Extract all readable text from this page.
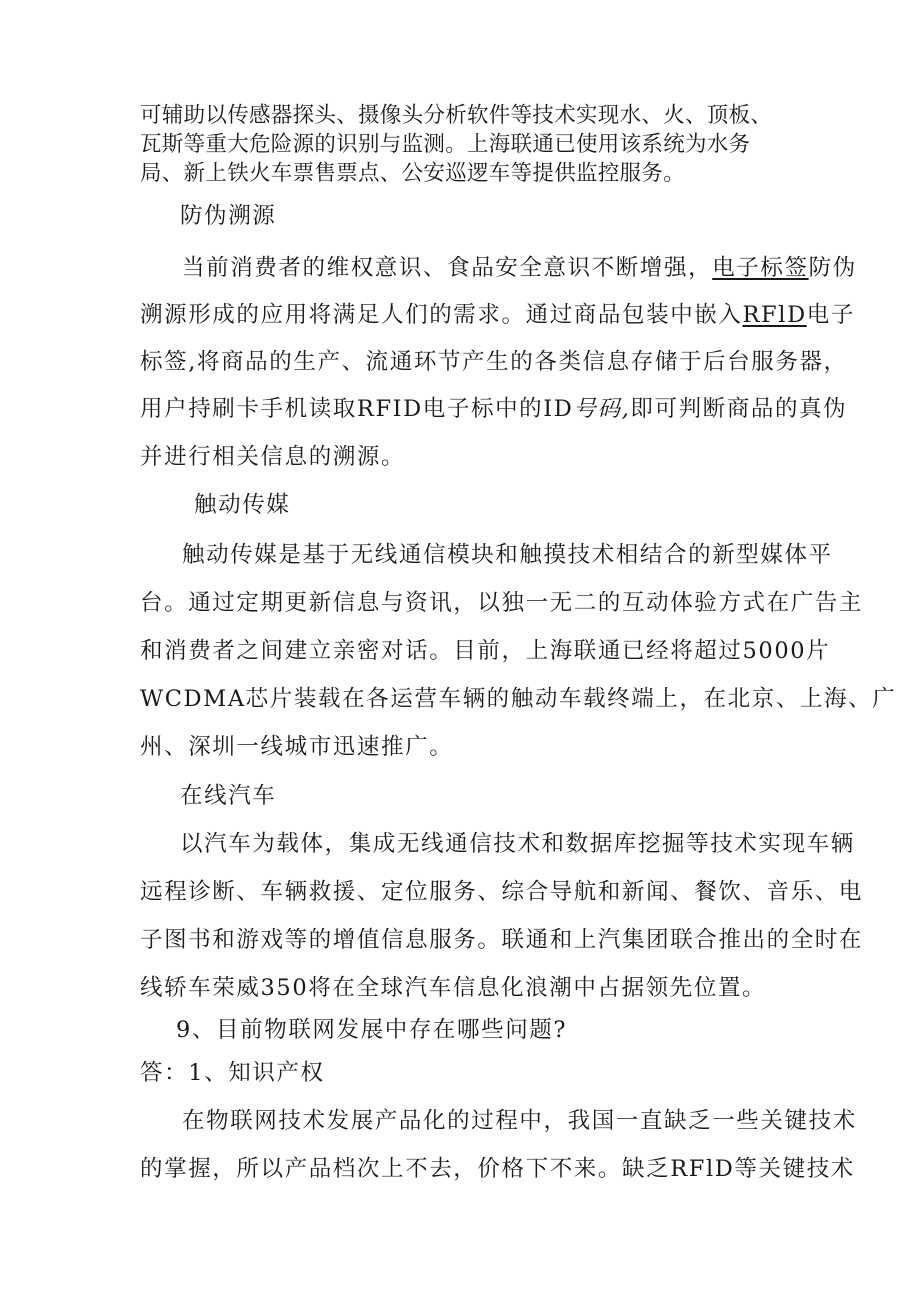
可辅助以传感器探头、摄像头分析软件等技术实现水、火、顶板、
瓦斯等重大危险源的识别与监测。上海联通已使用该系统为水务
局、新上铁火车票售票点、公安巡逻车等提供监控服务。
防伪溯源
当前消费者的维权意识、食品安全意识不断增强，电子标签防伪
溯源形成的应用将满足人们的需求。通过商品包装中嵌入RFlD电子
标签,将商品的生产、流通环节产生的各类信息存储于后台服务器，
用户持刷卡手机读取RFID电子标中的ID号码,即可判断商品的真伪
并进行相关信息的溯源。
触动传媒
触动传媒是基于无线通信模块和触摸技术相结合的新型媒体平
台。通过定期更新信息与资讯，以独一无二的互动体验方式在广告主
和消费者之间建立亲密对话。目前，上海联通已经将超过5000片
WCDMA芯片装载在各运营车辆的触动车载终端上，在北京、上海、广
州、深圳一线城市迅速推广。
在线汽车
以汽车为载体，集成无线通信技术和数据库挖掘等技术实现车辆
远程诊断、车辆救援、定位服务、综合导航和新闻、餐饮、音乐、电
子图书和游戏等的增值信息服务。联通和上汽集团联合推出的全时在
线轿车荣威350将在全球汽车信息化浪潮中占据领先位置。
9、目前物联网发展中存在哪些问题?
答：1、知识产权
在物联网技术发展产品化的过程中，我国一直缺乏一些关键技术
的掌握，所以产品档次上不去，价格下不来。缺乏RFlD等关键技术
